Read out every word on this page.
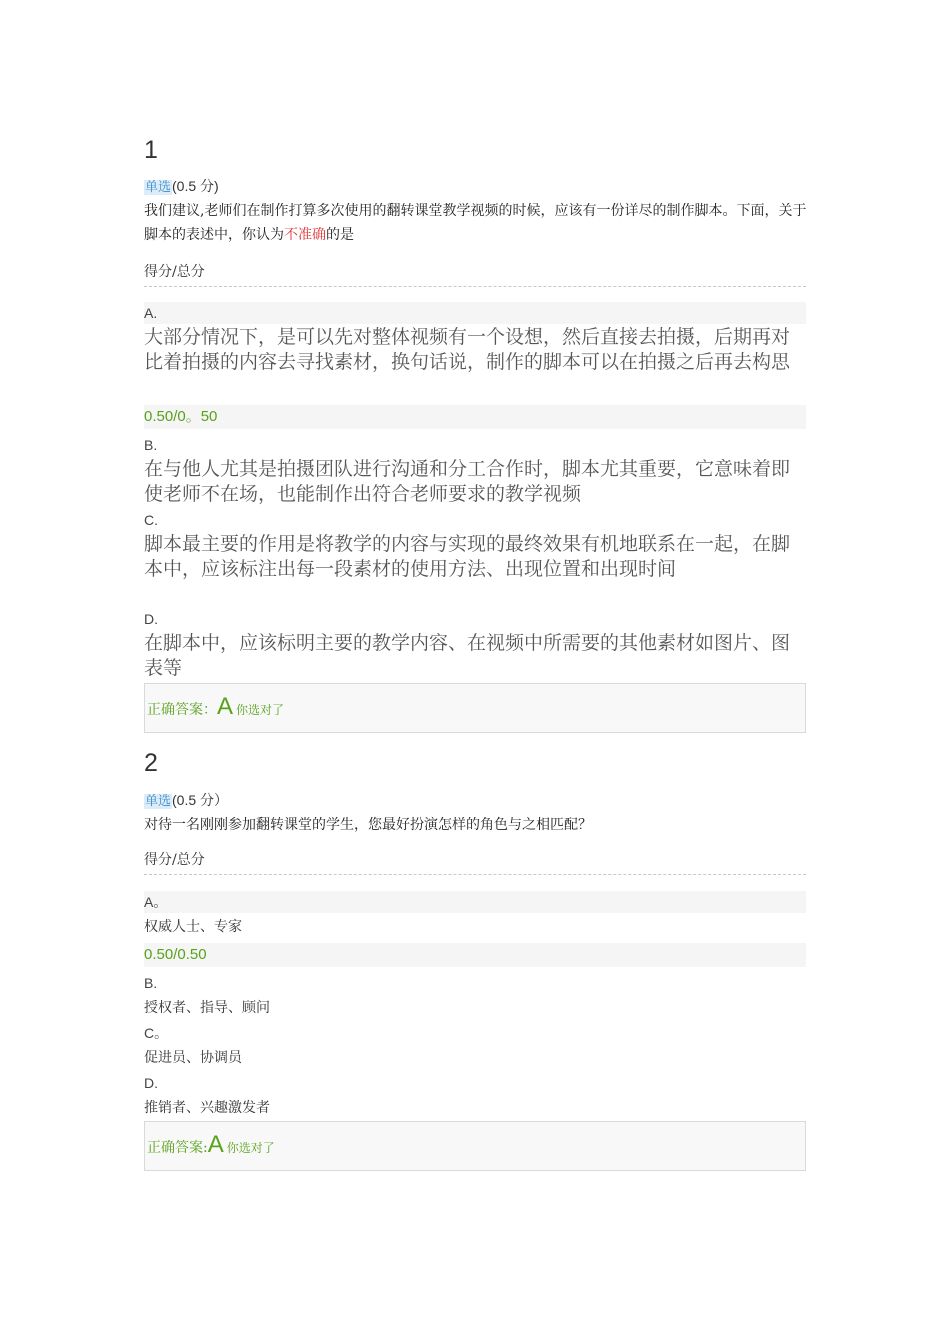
1
单选(0.5 分)
我们建议,老师们在制作打算多次使用的翻转课堂教学视频的时候，应该有一份详尽的制作脚本。下面，关于脚本的表述中，你认为不准确的是
得分/总分
A.
大部分情况下，是可以先对整体视频有一个设想，然后直接去拍摄，后期再对比着拍摄的内容去寻找素材，换句话说，制作的脚本可以在拍摄之后再去构思
0.50/0。50
B.
在与他人尤其是拍摄团队进行沟通和分工合作时，脚本尤其重要，它意味着即使老师不在场，也能制作出符合老师要求的教学视频
C.
脚本最主要的作用是将教学的内容与实现的最终效果有机地联系在一起，在脚本中，应该标注出每一段素材的使用方法、出现位置和出现时间
D.
在脚本中，应该标明主要的教学内容、在视频中所需要的其他素材如图片、图表等
正确答案：A 你选对了
2
单选(0.5 分）
对待一名刚刚参加翻转课堂的学生，您最好扮演怎样的角色与之相匹配？
得分/总分
A。
权威人士、专家
0.50/0.50
B.
授权者、指导、顾问
C。
促进员、协调员
D.
推销者、兴趣激发者
正确答案:A 你选对了
